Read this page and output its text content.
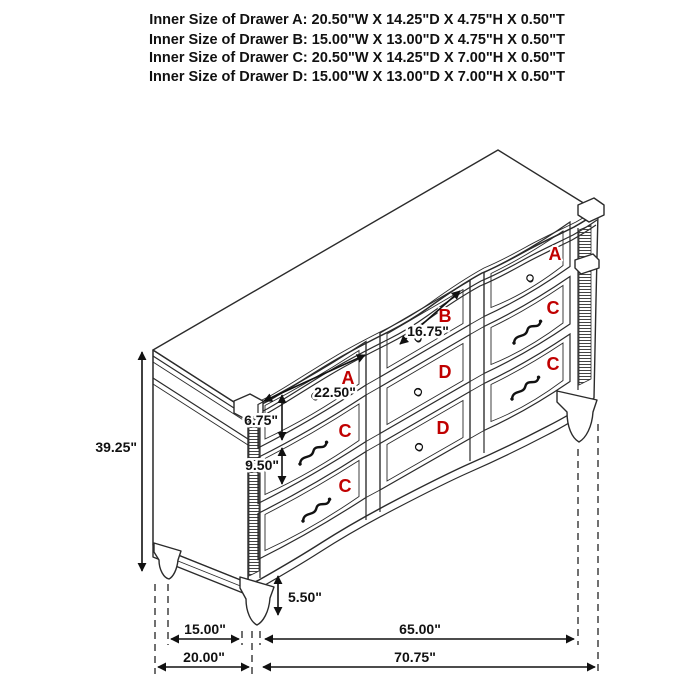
Inner Size of Drawer A: 20.50"W X 14.25"D X 4.75"H X 0.50"T
Inner Size of Drawer B: 15.00"W X 13.00"D X 4.75"H X 0.50"T
Inner Size of Drawer C: 20.50"W X 14.25"D X 7.00"H X 0.50"T
Inner Size of Drawer D: 15.00"W X 13.00"D X 7.00"H X 0.50"T
A
B
A
C
D
C
C
D
C
39.25"
6.75"
9.50"
22.50"
16.75"
5.50"
15.00"	65.00"
20.00"	70.75"
